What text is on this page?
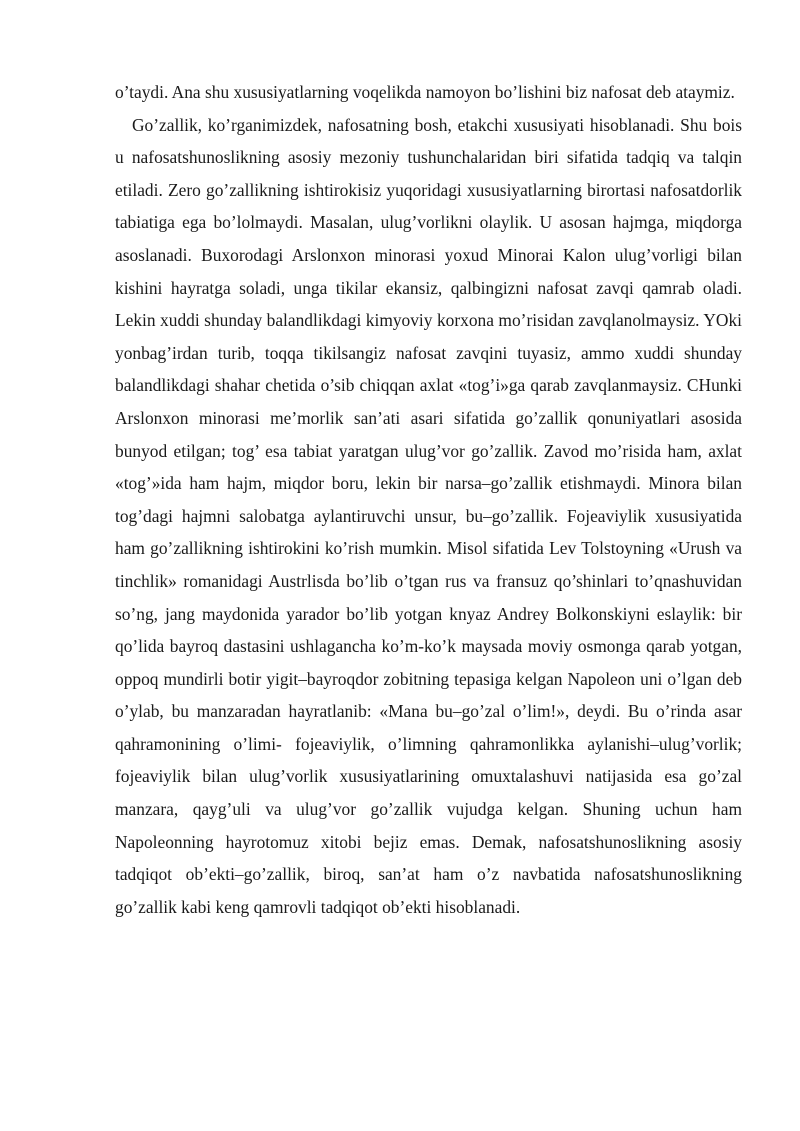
o’taydi. Ana shu xususiyatlarning voqelikda namoyon bo’lishini biz nafosat deb ataymiz.

Go’zallik, ko’rganimizdek, nafosatning bosh, etakchi xususiyati hisoblanadi. Shu bois u nafosatshunoslikning asosiy mezoniy tushunchalaridan biri sifatida tadqiq va talqin etiladi. Zero go’zallikning ishtirokisiz yuqoridagi xususiyatlarning birortasi nafosatdorlik tabiatiga ega bo’lolmaydi. Masalan, ulug’vorlikni olaylik. U asosan hajmga, miqdorga asoslanadi. Buxorodagi Arslonxon minorasi yoxud Minorai Kalon ulug’vorligi bilan kishini hayratga soladi, unga tikilar ekansiz, qalbingizni nafosat zavqi qamrab oladi. Lekin xuddi shunday balandlikdagi kimyoviy korxona mo’risidan zavqlanolmaysiz. YOki yonbag’irdan turib, toqqa tikilsangiz nafosat zavqini tuyasiz, ammo xuddi shunday balandlikdagi shahar chetida o’sib chiqqan axlat «tog’i»ga qarab zavqlanmaysiz. CHunki Arslonxon minorasi me’morlik san’ati asari sifatida go’zallik qonuniyatlari asosida bunyod etilgan; tog’ esa tabiat yaratgan ulug’vor go’zallik. Zavod mo’risida ham, axlat «tog’»ida ham hajm, miqdor boru, lekin bir narsa–go’zallik etishmaydi. Minora bilan tog’dagi hajmni salobatga aylantiruvchi unsur, bu–go’zallik. Fojeaviylik xususiyatida ham go’zallikning ishtirokini ko’rish mumkin. Misol sifatida Lev Tolstoyning «Urush va tinchlik» romanidagi Austrlisda bo’lib o’tgan rus va fransuz qo’shinlari to’qnashuvidan so’ng, jang maydonida yarador bo’lib yotgan knyaz Andrey Bolkonskiyni eslaylik: bir qo’lida bayroq dastasini ushlagancha ko’m-ko’k maysada moviy osmonga qarab yotgan, oppoq mundirli botir yigit–bayroqdor zobitning tepasiga kelgan Napoleon uni o’lgan deb o’ylab, bu manzaradan hayratlanib: «Mana bu–go’zal o’lim!», deydi. Bu o’rinda asar qahramonining o’limi- fojeaviylik, o’limning qahramonlikka aylanishi–ulug’vorlik; fojeaviylik bilan ulug’vorlik xususiyatlarining omuxtalashuvi natijasida esa go’zal manzara, qayg’uli va ulug’vor go’zallik vujudga kelgan. Shuning uchun ham Napoleonning hayrotomuz xitobi bejiz emas. Demak, nafosatshunoslikning asosiy tadqiqot ob’ekti–go’zallik, biroq, san’at ham o’z navbatida nafosatshunoslikning go’zallik kabi keng qamrovli tadqiqot ob’ekti hisoblanadi.
